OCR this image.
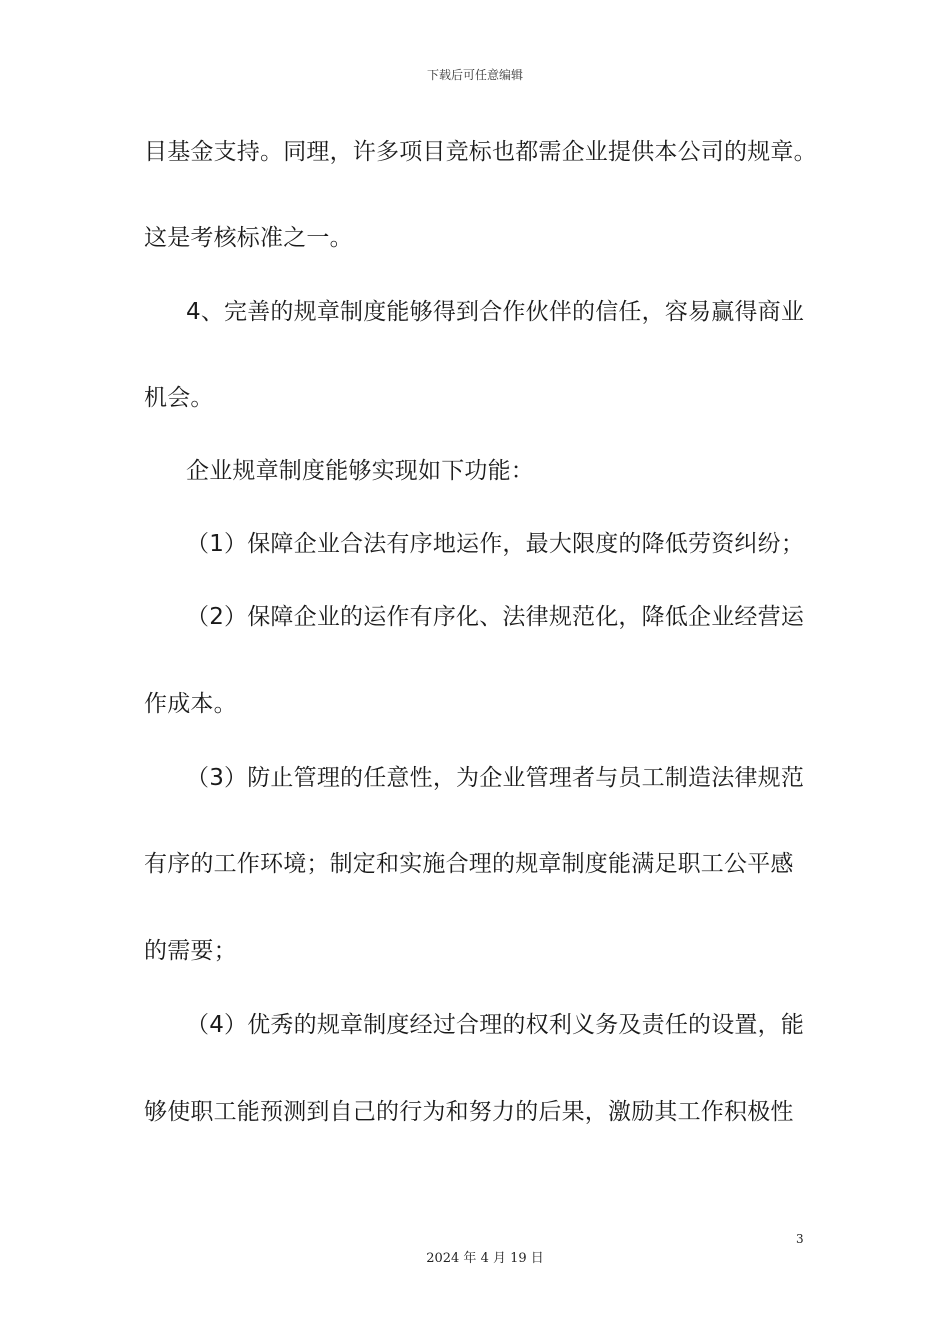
下载后可任意编辑
目基金支持。同理，许多项目竞标也都需企业提供本公司的规章。
这是考核标准之一。
4、完善的规章制度能够得到合作伙伴的信任，容易赢得商业
机会。
企业规章制度能够实现如下功能：
（1）保障企业合法有序地运作，最大限度的降低劳资纠纷；
（2）保障企业的运作有序化、法律规范化，降低企业经营运
作成本。
（3）防止管理的任意性，为企业管理者与员工制造法律规范
有序的工作环境；制定和实施合理的规章制度能满足职工公平感
的需要；
（4）优秀的规章制度经过合理的权利义务及责任的设置，能
够使职工能预测到自己的行为和努力的后果，激励其工作积极性
3
2024 年 4 月 19 日
